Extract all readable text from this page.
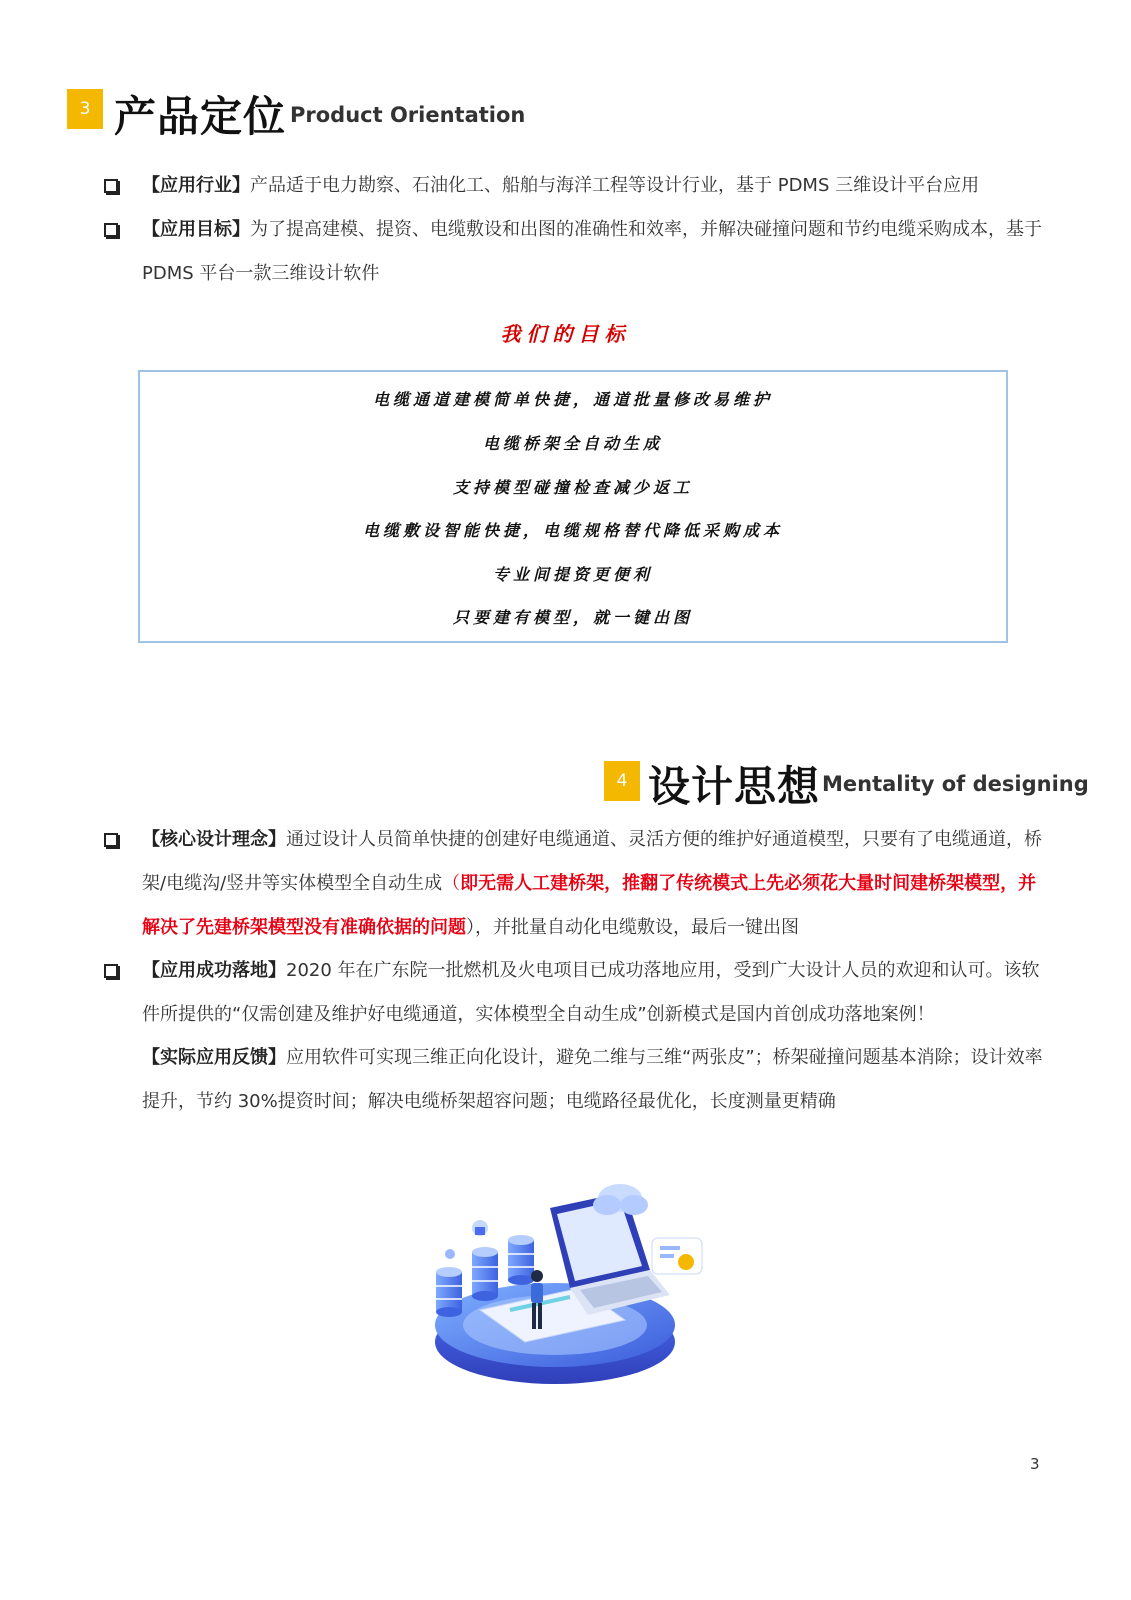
3 产品定位 Product Orientation
【应用行业】产品适于电力勘察、石油化工、船舶与海洋工程等设计行业，基于 PDMS 三维设计平台应用
【应用目标】为了提高建模、提资、电缆敷设和出图的准确性和效率，并解决碰撞问题和节约电缆采购成本，基于 PDMS 平台一款三维设计软件
我们的目标
电缆通道建模简单快捷，通道批量修改易维护
电缆桥架全自动生成
支持模型碰撞检查减少返工
电缆敷设智能快捷，电缆规格替代降低采购成本
专业间提资更便利
只要建有模型，就一键出图
4 设计思想 Mentality of designing
【核心设计理念】通过设计人员简单快捷的创建好电缆通道、灵活方便的维护好通道模型，只要有了电缆通道，桥架/电缆沟/竖井等实体模型全自动生成（即无需人工建桥架，推翻了传统模式上先必须花大量时间建桥架模型，并解决了先建桥架模型没有准确依据的问题），并批量自动化电缆敷设，最后一键出图
【应用成功落地】2020 年在广东院一批燃机及火电项目已成功落地应用，受到广大设计人员的欢迎和认可。该软件所提供的“仅需创建及维护好电缆通道，实体模型全自动生成”创新模式是国内首创成功落地案例！
【实际应用反馈】应用软件可实现三维正向化设计，避免二维与三维“两张皮”；桥架碰撞问题基本消除；设计效率提升，节约 30%提资时间；解决电缆桥架超容问题；电缆路径最优化，长度测量更精确
3
